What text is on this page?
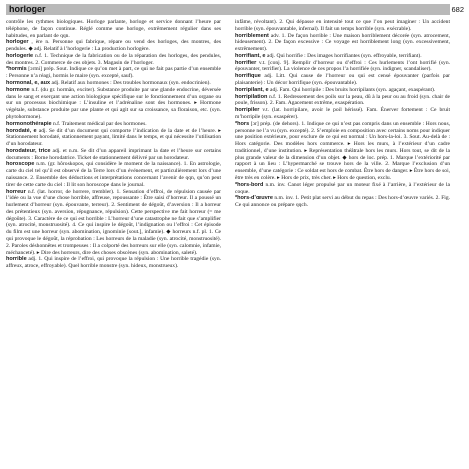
horloger	682

contrôle les rythmes biologiques. Horloge parlante, horloge et service donnant l’heure par téléphone, de façon continue. Réglé comme une horloge, extrêmement régulier dans ses habitudes, en parlant de qqn.

horloger , ère n. Personne qui fabrique, répare ou vend des horloges, des montres, des pendules. ◆ adj. Relatif à l’horlogerie : La production horlogère.

horlogerie n.f. 1. Technique de la fabrication ou de la réparation des horloges, des pendules, des montres. 2. Commerce de ces objets. 3. Magasin de l’horloger.

*hormis [ɔrmi] prép. Sout. Indique ce qu’on met à part, ce qui ne fait pas partie d’un ensemble : Personne n’a réagi, hormis le maire (syn. excepté, sauf).

hormonal, e, aux adj. Relatif aux hormones : Des troubles hormonaux (syn. endocrinien).

hormone n.f. (du gr. hormân, exciter). Substance produite par une glande endocrine, déversée dans le sang et exerçant une action biologique spécifique sur le fonctionnement d’un organe ou sur un processus biochimique : L’insuline et l’adrénaline sont des hormones. ▸ Hormone végétale, substance produite par une plante et qui agit sur sa croissance, sa floraison, etc. (syn. phytohormone).

hormonothérapie n.f. Traitement médical par des hormones.

horodaté, e adj. Se dit d’un document qui comporte l’indication de la date et de l’heure. ▸ Stationnement horodaté, stationnement payant, limité dans le temps, et qui nécessite l’utilisation d’un horodateur.

horodateur, trice adj. et n.m. Se dit d’un appareil imprimant la date et l’heure sur certains documents : Borne horodatrice. Ticket de stationnement délivré par un horodateur.

horoscope n.m. (gr. hôroskopos, qui considère le moment de la naissance). 1. En astrologie, carte du ciel tel qu’il est observé de la Terre lors d’un événement, et particulièrement lors d’une naissance. 2. Ensemble des déductions et interprétations concernant l’avenir de qqn, qu’on peut tirer de cette carte du ciel : Il lit son horoscope dans le journal.

horreur n.f. (lat. horror, de horrere, trembler). 1. Sensation d’effroi, de répulsion causée par l’idée ou la vue d’une chose horrible, affreuse, repoussante : Être saisi d’horreur. Il a poussé un hurlement d’horreur (syn. épouvante, terreur). 2. Sentiment de dégoût, d’aversion : Il a horreur des prétentieux (syn. aversion, répugnance, répulsion). Cette perspective me fait horreur (= me dégoûte). 3. Caractère de ce qui est horrible : L’horreur d’une catastrophe ne fait que s’amplifier (syn. atrocité, monstruosité). 4. Ce qui inspire le dégoût, l’indignation ou l’effroi : Cet épisode du film est une horreur (syn. abomination, ignominie [sout.], infamie). ◆ horreurs n.f. pl. 1. Ce qui provoque le dégoût, la réprobation : Les horreurs de la maladie (syn. atrocité, monstruosité). 2. Paroles déshonnêtes et trompeuses : Il a colporté des horreurs sur elle (syn. calomnie, infamie, méchanceté). ▸ Dire des horreurs, dire des choses obscènes (syn. abomination, saleté).

horrible adj. 1. Qui inspire de l’effroi, qui provoque la répulsion : Une horrible tragédie (syn. affreux, atroce, effroyable). Quel horrible monstre (syn. hideux, monstrueux).

infâme, révoltant). 2. Qui dépasse en intensité tout ce que l’on peut imaginer : Un accident horrible (syn. épouvantable, infernal). Il fait un temps horrible (syn. exécrable).

horriblement adv. 1. De façon horrible : Une maison horriblement décorée (syn. atrocement, hideusement). 2. De façon excessive : Ce voyage est horriblement long (syn. excessivement, extrêmement).

horrifiant, e adj. Qui horrifie : Des images horrifiantes (syn. effroyable, terrifiant).

horrifier v.t. [conj. 9]. Remplir d’horreur ou d’effroi : Ces hurlements l’ont horrifié (syn. épouvanter, terrifier). La violence de ces propos l’a horrifiée (syn. indigner, scandaliser).

horrifique adj. Litt. Qui cause de l’horreur ou qui est censé épouvanter (parfois par plaisanterie) : Un décor horrifique (syn. épouvantable).

horripilant, e adj. Fam. Qui horripile : Des bruits horripilants (syn. agaçant, exaspérant).

horripilation n.f. 1. Redressement des poils sur la peau, dû à la peur ou au froid (syn. chair de poule, frisson). 2. Fam. Agacement extrême, exaspération.

horripiler v.t. (lat. horripilare, avoir le poil hérissé). Fam. Énerver fortement : Ce bruit m’horripile (syn. exaspérer).

*hors [ɔr] prép. (de dehors). 1. Indique ce qui n’est pas compris dans un ensemble : Hors nous, personne ne l’a vu (syn. excepté). 2. S’emploie en composition avec certains noms pour indiquer une position extérieure, pour exclure de ce qui est normal : Un hors-la-loi. 3. Sout. Au-delà de : Hors catégorie. Des modèles hors commerce. ▸ Hors les murs, à l’extérieur d’un cadre traditionnel, d’une institution. ▸ Représentation théâtrale hors les murs. Hors tout, se dit de la plus grande valeur de la dimension d’un objet. ◆ hors de loc. prép. 1. Marque l’extériorité par rapport à un lieu : L’hypermarché se trouve hors de la ville. 2. Marque l’exclusion d’un ensemble, d’une catégorie : Ce soldat est hors de combat. Être hors de danger. ▸ Être hors de soi, être très en colère. ▸ Hors de prix, très cher. ▸ Hors de question, exclu.

*hors-bord n.m. inv. Canot léger propulsé par un moteur fixé à l’arrière, à l’extérieur de la coque.

*hors-d’œuvre n.m. inv. 1. Petit plat servi au début du repas : Des hors-d’œuvre variés. 2. Fig. Ce qui annonce ou prépare qqch.
